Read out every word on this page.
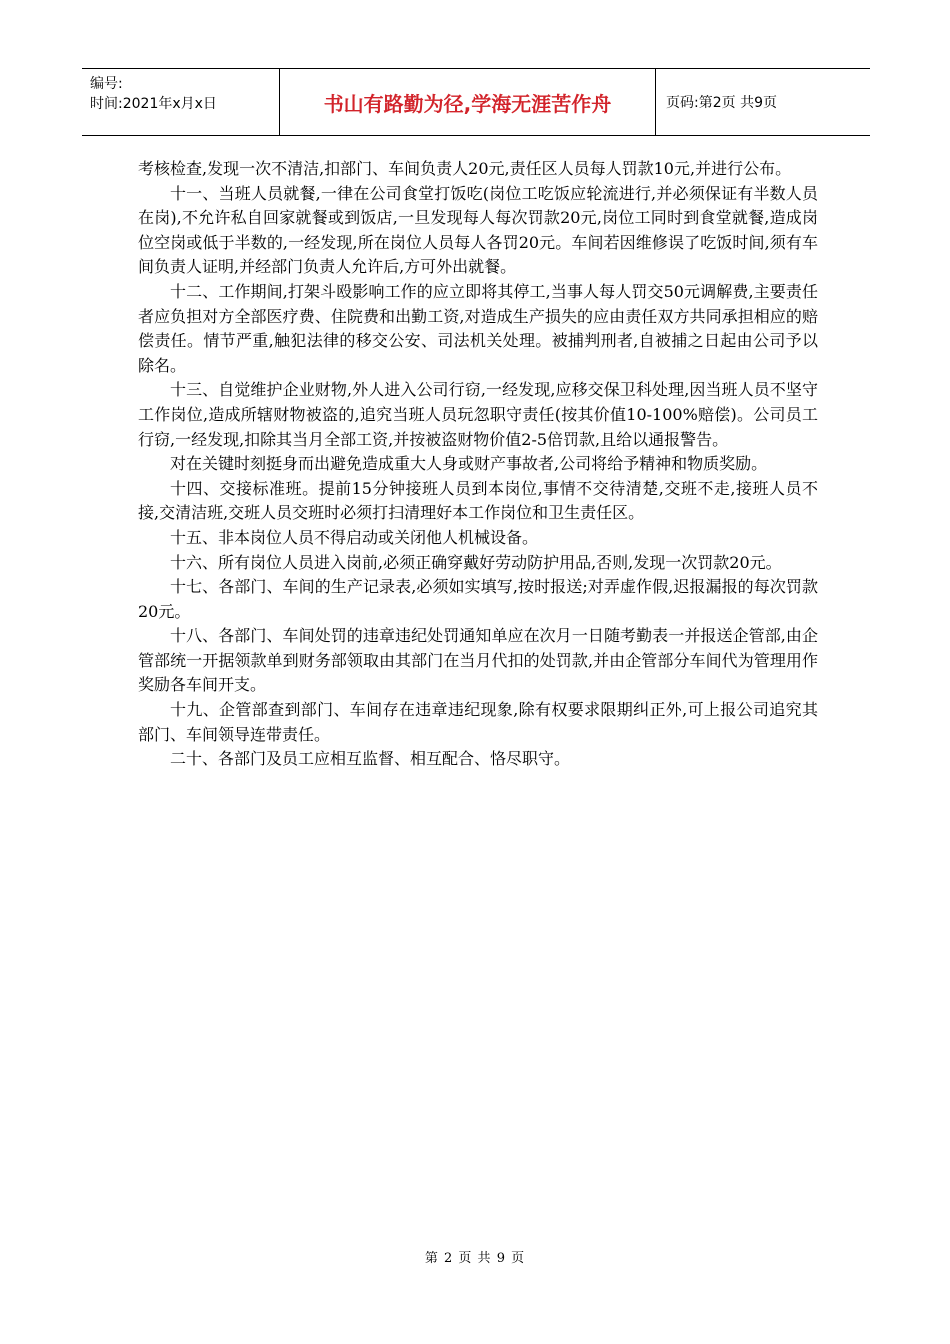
编号:
时间:2021年x月x日	书山有路勤为径,学海无涯苦作舟	页码:第2页 共9页

考核检查,发现一次不清洁,扣部门、车间负责人20元,责任区人员每人罚款10元,并进行公布。

十一、当班人员就餐,一律在公司食堂打饭吃(岗位工吃饭应轮流进行,并必须保证有半数人员在岗),不允许私自回家就餐或到饭店,一旦发现每人每次罚款20元,岗位工同时到食堂就餐,造成岗位空岗或低于半数的,一经发现,所在岗位人员每人各罚20元。车间若因维修误了吃饭时间,须有车间负责人证明,并经部门负责人允许后,方可外出就餐。

十二、工作期间,打架斗殴影响工作的应立即将其停工,当事人每人罚交50元调解费,主要责任者应负担对方全部医疗费、住院费和出勤工资,对造成生产损失的应由责任双方共同承担相应的赔偿责任。情节严重,触犯法律的移交公安、司法机关处理。被捕判刑者,自被捕之日起由公司予以除名。

十三、自觉维护企业财物,外人进入公司行窃,一经发现,应移交保卫科处理,因当班人员不坚守工作岗位,造成所辖财物被盗的,追究当班人员玩忽职守责任(按其价值10-100%赔偿)。公司员工行窃,一经发现,扣除其当月全部工资,并按被盗财物价值2-5倍罚款,且给以通报警告。

对在关键时刻挺身而出避免造成重大人身或财产事故者,公司将给予精神和物质奖励。

十四、交接标准班。提前15分钟接班人员到本岗位,事情不交待清楚,交班不走,接班人员不接,交清洁班,交班人员交班时必须打扫清理好本工作岗位和卫生责任区。

十五、非本岗位人员不得启动或关闭他人机械设备。

十六、所有岗位人员进入岗前,必须正确穿戴好劳动防护用品,否则,发现一次罚款20元。

十七、各部门、车间的生产记录表,必须如实填写,按时报送;对弄虚作假,迟报漏报的每次罚款20元。

十八、各部门、车间处罚的违章违纪处罚通知单应在次月一日随考勤表一并报送企管部,由企管部统一开据领款单到财务部领取由其部门在当月代扣的处罚款,并由企管部分车间代为管理用作奖励各车间开支。

十九、企管部查到部门、车间存在违章违纪现象,除有权要求限期纠正外,可上报公司追究其部门、车间领导连带责任。

二十、各部门及员工应相互监督、相互配合、恪尽职守。

第 2 页 共 9 页
